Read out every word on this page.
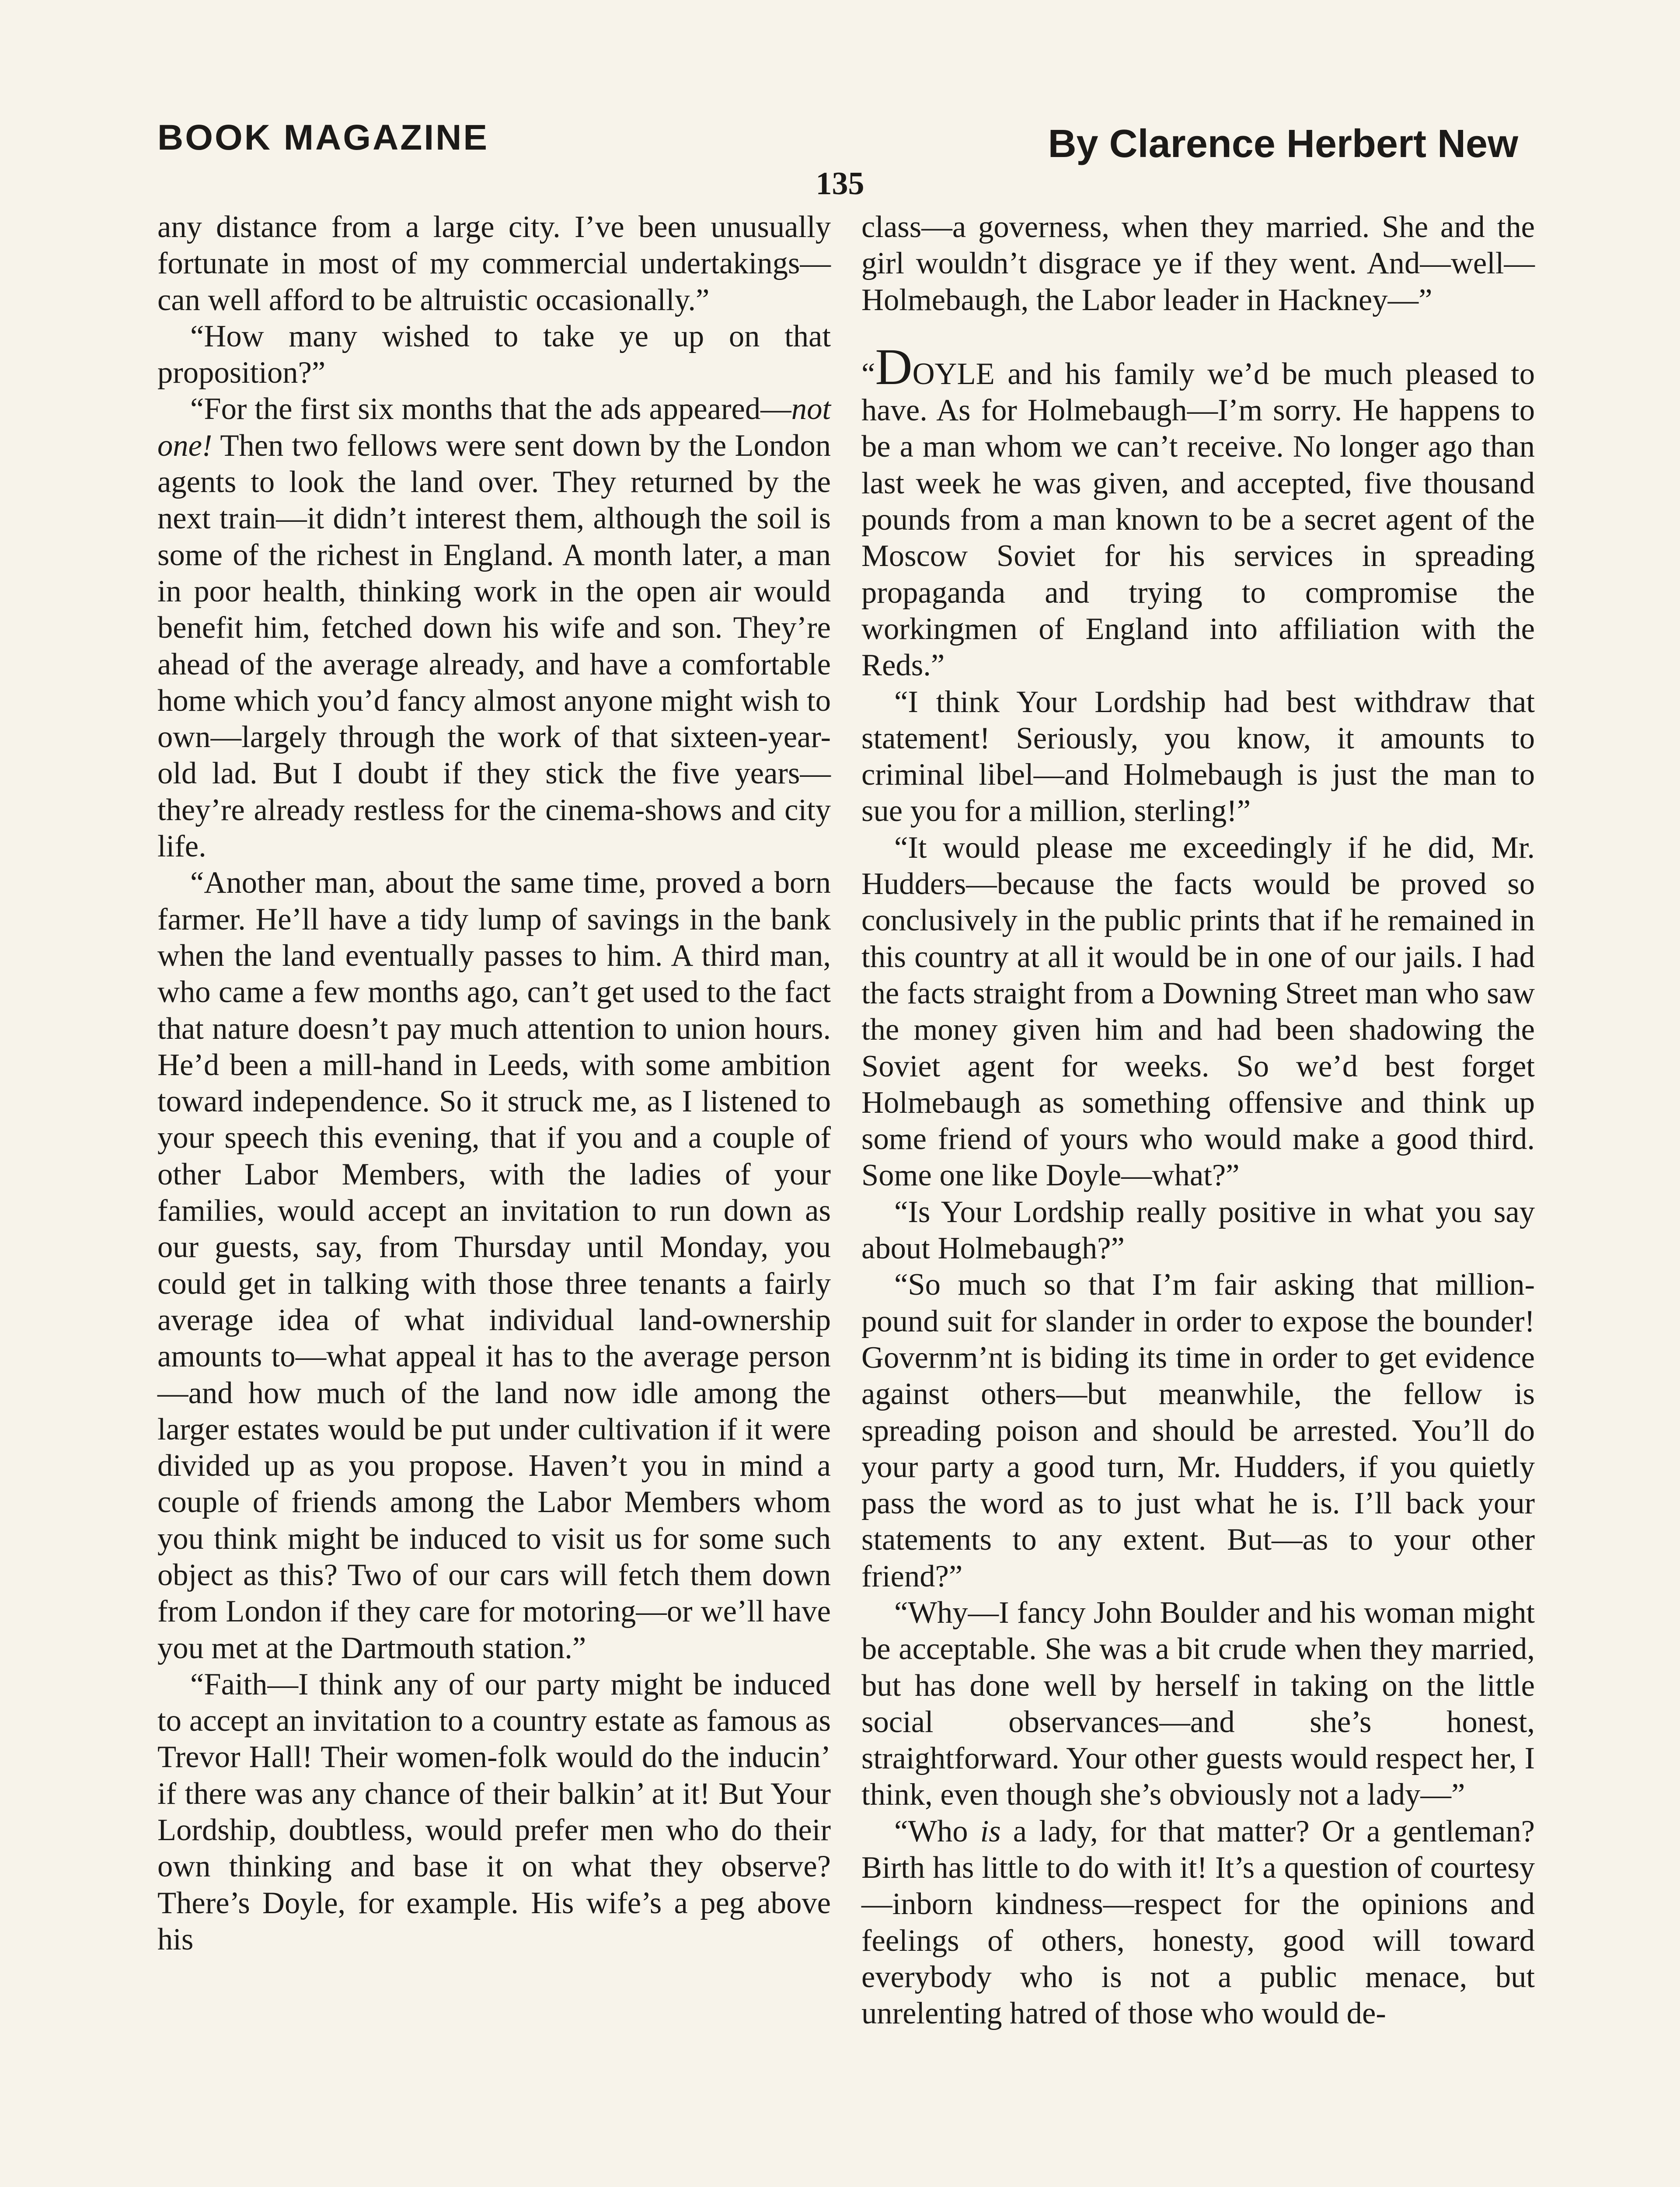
BOOK MAGAZINE	By Clarence Herbert New
135

any distance from a large city. I’ve been unusually fortunate in most of my commercial undertakings—can well afford to be altruistic occasionally.”

“How many wished to take ye up on that proposition?”

“For the first six months that the ads appeared—not one! Then two fellows were sent down by the London agents to look the land over. They returned by the next train—it didn’t interest them, although the soil is some of the richest in England. A month later, a man in poor health, thinking work in the open air would benefit him, fetched down his wife and son. They’re ahead of the average already, and have a comfortable home which you’d fancy almost anyone might wish to own—largely through the work of that sixteen-year-old lad. But I doubt if they stick the five years—they’re already restless for the cinema-shows and city life.

“Another man, about the same time, proved a born farmer. He’ll have a tidy lump of savings in the bank when the land eventually passes to him. A third man, who came a few months ago, can’t get used to the fact that nature doesn’t pay much attention to union hours. He’d been a mill-hand in Leeds, with some ambition toward independence. So it struck me, as I listened to your speech this evening, that if you and a couple of other Labor Members, with the ladies of your families, would accept an invitation to run down as our guests, say, from Thursday until Monday, you could get in talking with those three tenants a fairly average idea of what individual land-ownership amounts to—what appeal it has to the average person—and how much of the land now idle among the larger estates would be put under cultivation if it were divided up as you propose. Haven’t you in mind a couple of friends among the Labor Members whom you think might be induced to visit us for some such object as this? Two of our cars will fetch them down from London if they care for motoring—or we’ll have you met at the Dartmouth station.”

“Faith—I think any of our party might be induced to accept an invitation to a country estate as famous as Trevor Hall! Their women-folk would do the inducin’ if there was any chance of their balkin’ at it! But Your Lordship, doubtless, would prefer men who do their own thinking and base it on what they observe? There’s Doyle, for example. His wife’s a peg above his

class—a governess, when they married. She and the girl wouldn’t disgrace ye if they went. And—well—Holmebaugh, the Labor leader in Hackney—”

“DOYLE and his family we’d be much pleased to have. As for Holmebaugh—I’m sorry. He happens to be a man whom we can’t receive. No longer ago than last week he was given, and accepted, five thousand pounds from a man known to be a secret agent of the Moscow Soviet for his services in spreading propaganda and trying to compromise the workingmen of England into affiliation with the Reds.”

“I think Your Lordship had best withdraw that statement! Seriously, you know, it amounts to criminal libel—and Holmebaugh is just the man to sue you for a million, sterling!”

“It would please me exceedingly if he did, Mr. Hudders—because the facts would be proved so conclusively in the public prints that if he remained in this country at all it would be in one of our jails. I had the facts straight from a Downing Street man who saw the money given him and had been shadowing the Soviet agent for weeks. So we’d best forget Holmebaugh as something offensive and think up some friend of yours who would make a good third. Some one like Doyle—what?”

“Is Your Lordship really positive in what you say about Holmebaugh?”

“So much so that I’m fair asking that million-pound suit for slander in order to expose the bounder! Governm’nt is biding its time in order to get evidence against others—but meanwhile, the fellow is spreading poison and should be arrested. You’ll do your party a good turn, Mr. Hudders, if you quietly pass the word as to just what he is. I’ll back your statements to any extent. But—as to your other friend?”

“Why—I fancy John Boulder and his woman might be acceptable. She was a bit crude when they married, but has done well by herself in taking on the little social observances—and she’s honest, straightforward. Your other guests would respect her, I think, even though she’s obviously not a lady—”

“Who is a lady, for that matter? Or a gentleman? Birth has little to do with it! It’s a question of courtesy—inborn kindness—respect for the opinions and feelings of others, honesty, good will toward everybody who is not a public menace, but unrelenting hatred of those who would de-
